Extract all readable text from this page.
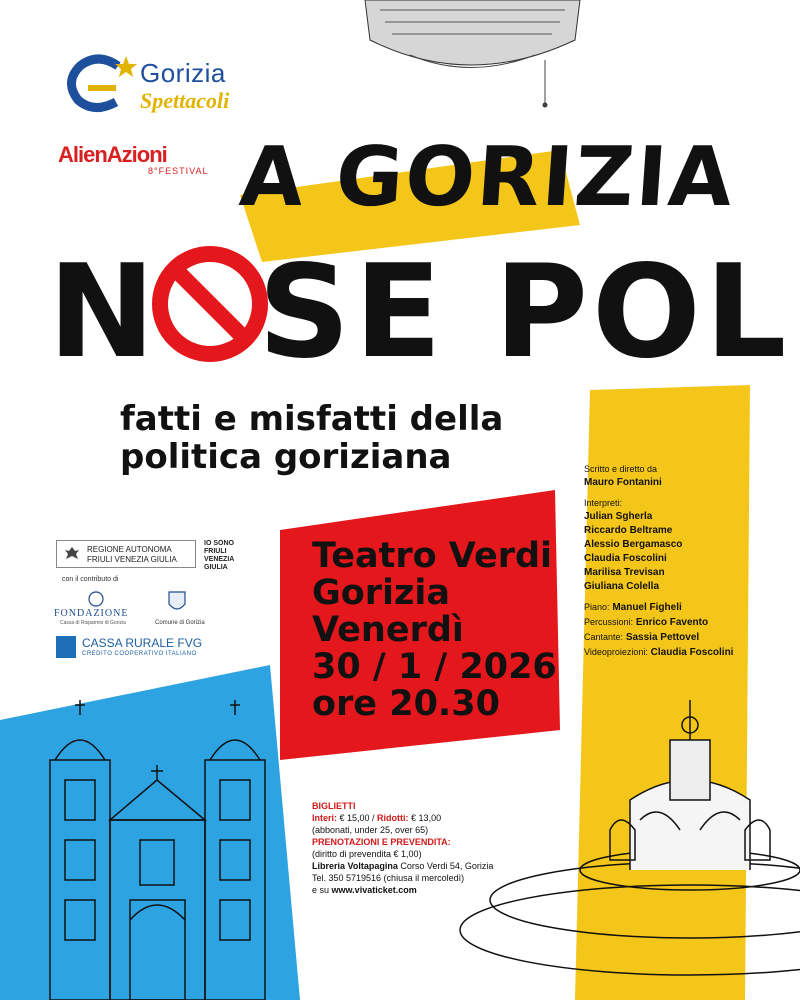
Gorizia
Spettacoli
AlienAzioni
8°FESTIVAL A GORIZIA
N SE POL
fatti e misfatti della
politica goriziana
REGIONE AUTONOMA
FRIULI VENEZIA GIULIA
IO SONO
FRIULI
VENEZIA
GIULIA
con il contributo di
FONDAZIONE
Cassa di Risparmio di Gorizia	Comune di Gorizia
CASSA RURALE FVG
CREDITO COOPERATIVO ITALIANO
Teatro Verdi
Gorizia
Venerdì
30 / 1 / 2026
ore 20.30
Scritto e diretto da
Mauro Fontanini
Interpreti:
Julian Sgherla
Riccardo Beltrame
Alessio Bergamasco
Claudia Foscolini
Marilisa Trevisan
Giuliana Colella
Piano: Manuel Figheli
Percussioni: Enrico Favento
Cantante: Sassia Pettovel
Videoproiezioni: Claudia Foscolini
BIGLIETTI
Interi: € 15,00 / Ridotti: € 13,00
(abbonati, under 25, over 65)
PRENOTAZIONI E PREVENDITA:
(diritto di prevendita € 1,00)
Libreria Voltapagina Corso Verdi 54, Gorizia
Tel. 350 5719516 (chiusa il mercoledì)
e su www.vivaticket.com
